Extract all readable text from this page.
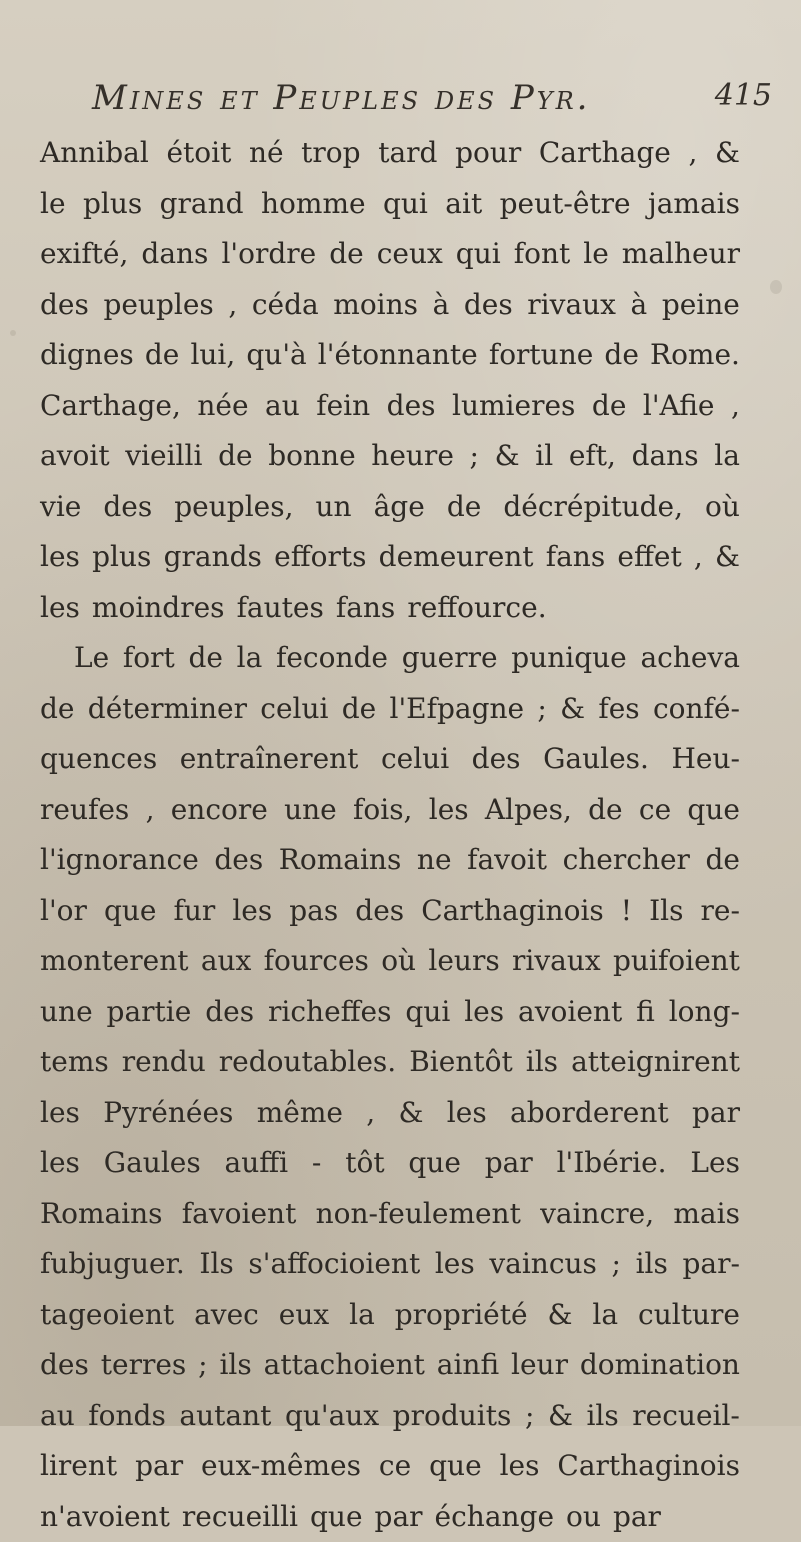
Mines et Peuples des Pyr.	415
Annibal étoit né trop tard pour Carthage , &
le plus grand homme qui ait peut-être jamais
exifté, dans l'ordre de ceux qui font le malheur
des peuples , céda moins à des rivaux à peine
dignes de lui, qu'à l'étonnante fortune de Rome.
Carthage, née au fein des lumieres de l'Afie ,
avoit vieilli de bonne heure ; & il eft, dans la
vie des peuples, un âge de décrépitude, où
les plus grands efforts demeurent fans effet , &
les moindres fautes fans reffource.
Le fort de la feconde guerre punique acheva
de déterminer celui de l'Efpagne ; & fes confé-
quences entraînerent celui des Gaules. Heu-
reufes , encore une fois, les Alpes, de ce que
l'ignorance des Romains ne favoit chercher de
l'or que fur les pas des Carthaginois ! Ils re-
monterent aux fources où leurs rivaux puifoient
une partie des richeffes qui les avoient fi long-
tems rendu redoutables. Bientôt ils atteignirent
les Pyrénées même , & les aborderent par
les Gaules auffi - tôt que par l'Ibérie. Les
Romains favoient non-feulement vaincre, mais
fubjuguer. Ils s'affocioient les vaincus ; ils par-
tageoient avec eux la propriété & la culture
des terres ; ils attachoient ainfi leur domination
au fonds autant qu'aux produits ; & ils recueil-
lirent par eux-mêmes ce que les Carthaginois
n'avoient recueilli que par échange ou par
